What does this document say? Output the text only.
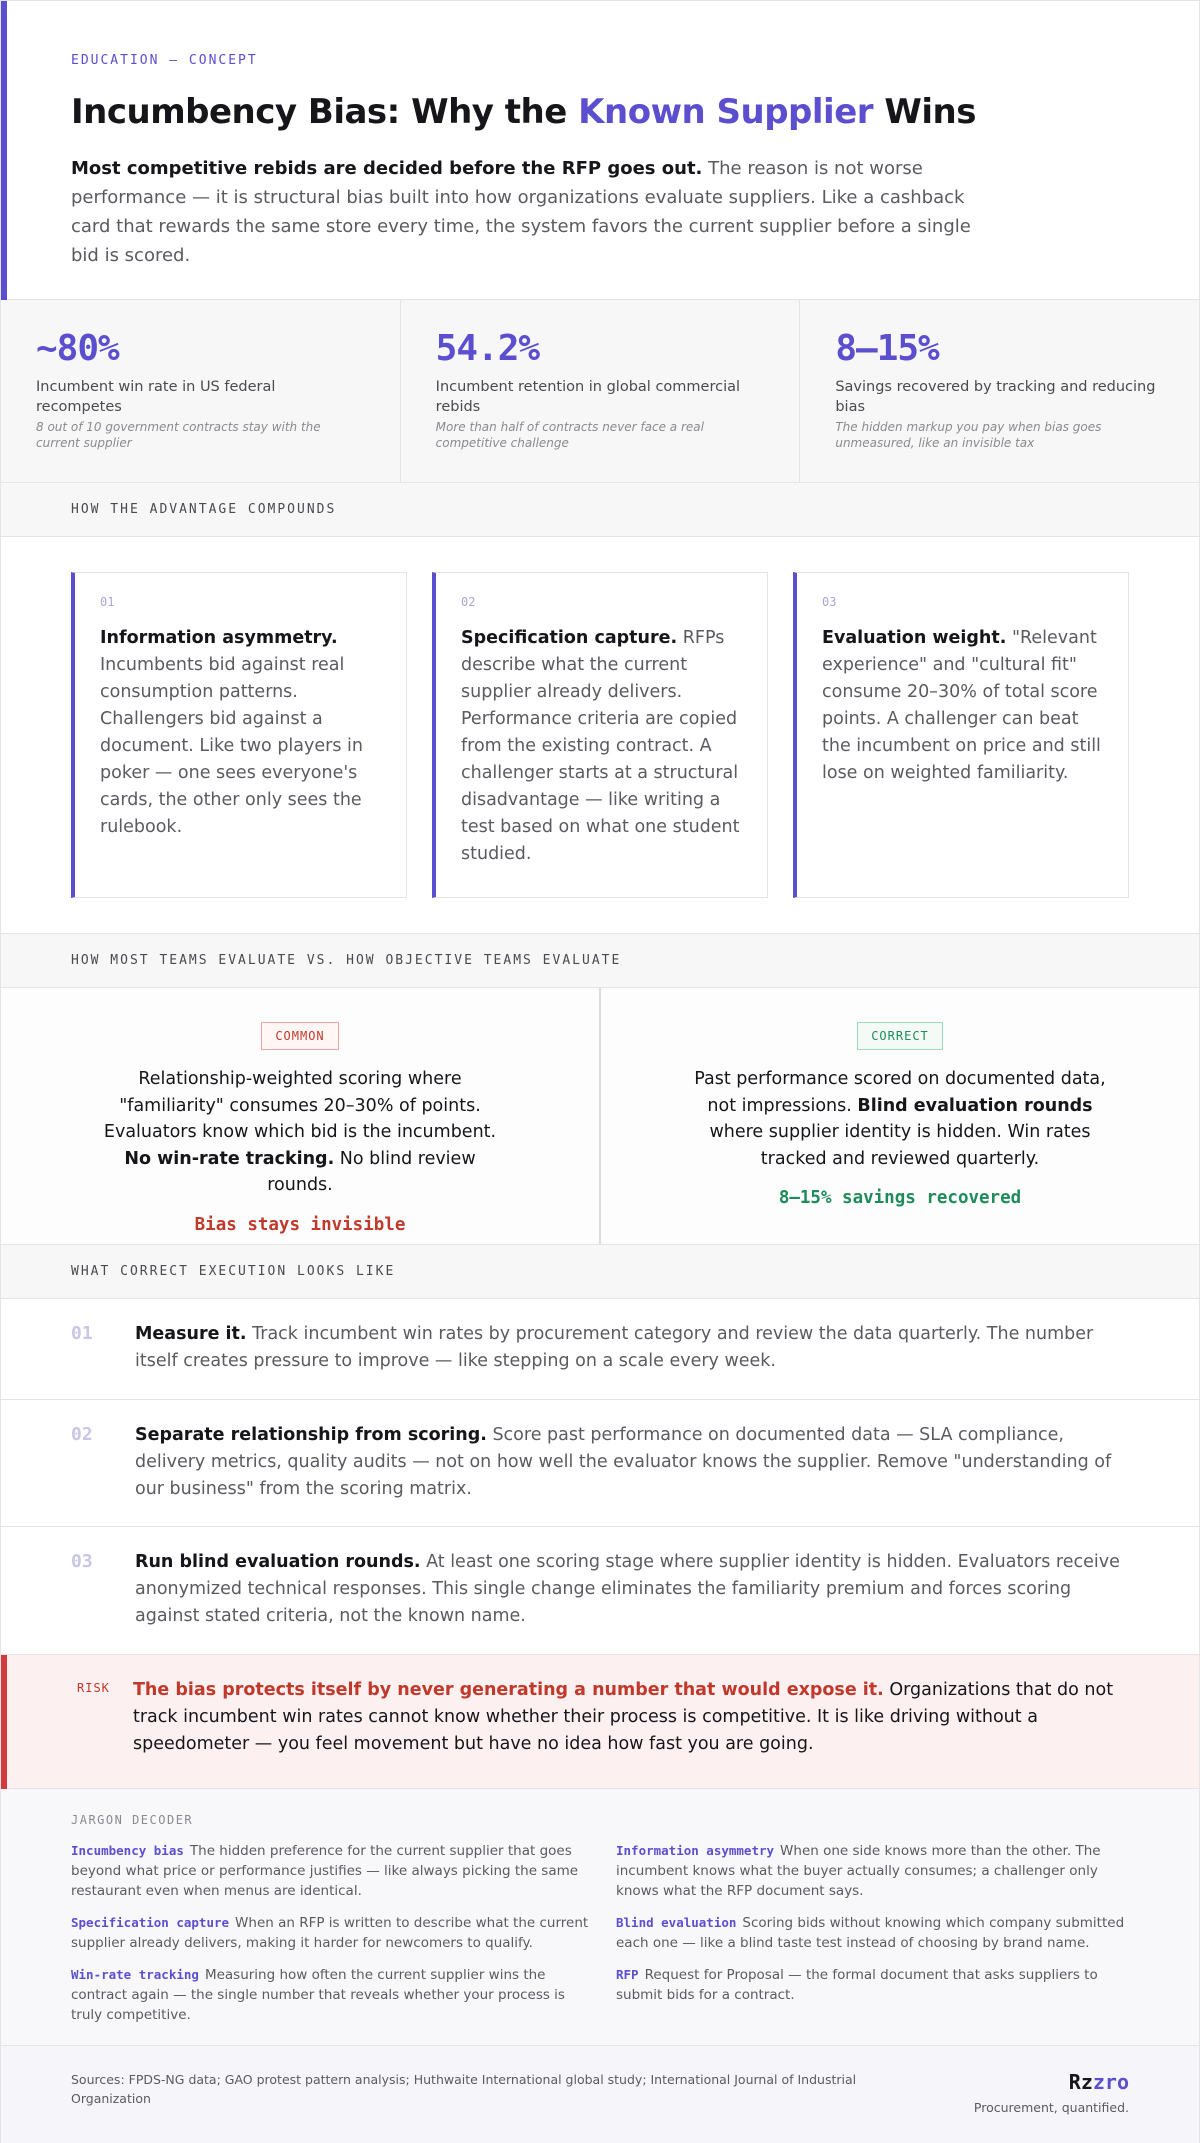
EDUCATION — CONCEPT
Incumbency Bias: Why the Known Supplier Wins

Most competitive rebids are decided before the RFP goes out. The reason is not worse performance — it is structural bias built into how organizations evaluate suppliers. Like a cashback card that rewards the same store every time, the system favors the current supplier before a single bid is scored.

~80%
Incumbent win rate in US federal recompetes
8 out of 10 government contracts stay with the current supplier
54.2%
Incumbent retention in global commercial rebids
More than half of contracts never face a real competitive challenge
8–15%
Savings recovered by tracking and reducing bias
The hidden markup you pay when bias goes unmeasured, like an invisible tax
HOW THE ADVANTAGE COMPOUNDS
01

Information asymmetry. Incumbents bid against real consumption patterns. Challengers bid against a document. Like two players in poker — one sees everyone's cards, the other only sees the rulebook.

02

Specification capture. RFPs describe what the current supplier already delivers. Performance criteria are copied from the existing contract. A challenger starts at a structural disadvantage — like writing a test based on what one student studied.

03

Evaluation weight. "Relevant experience" and "cultural fit" consume 20–30% of total score points. A challenger can beat the incumbent on price and still lose on weighted familiarity.

HOW MOST TEAMS EVALUATE VS. HOW OBJECTIVE TEAMS EVALUATE
COMMON

Relationship-weighted scoring where "familiarity" consumes 20–30% of points. Evaluators know which bid is the incumbent. No win-rate tracking. No blind review rounds.

Bias stays invisible
CORRECT

Past performance scored on documented data, not impressions. Blind evaluation rounds where supplier identity is hidden. Win rates tracked and reviewed quarterly.

8–15% savings recovered
WHAT CORRECT EXECUTION LOOKS LIKE
01	Measure it. Track incumbent win rates by procurement category and review the data quarterly. The number itself creates pressure to improve — like stepping on a scale every week.

02	Separate relationship from scoring. Score past performance on documented data — SLA compliance, delivery metrics, quality audits — not on how well the evaluator knows the supplier. Remove "understanding of our business" from the scoring matrix.

03	Run blind evaluation rounds. At least one scoring stage where supplier identity is hidden. Evaluators receive anonymized technical responses. This single change eliminates the familiarity premium and forces scoring against stated criteria, not the known name.

RISK	The bias protects itself by never generating a number that would expose it. Organizations that do not track incumbent win rates cannot know whether their process is competitive. It is like driving without a speedometer — you feel movement but have no idea how fast you are going.

JARGON DECODER

Incumbency bias The hidden preference for the current supplier that goes beyond what price or performance justifies — like always picking the same restaurant even when menus are identical.

Specification capture When an RFP is written to describe what the current supplier already delivers, making it harder for newcomers to qualify.

Win-rate tracking Measuring how often the current supplier wins the contract again — the single number that reveals whether your process is truly competitive.

Information asymmetry When one side knows more than the other. The incumbent knows what the buyer actually consumes; a challenger only knows what the RFP document says.

Blind evaluation Scoring bids without knowing which company submitted each one — like a blind taste test instead of choosing by brand name.

RFP Request for Proposal — the formal document that asks suppliers to submit bids for a contract.

Sources: FPDS-NG data; GAO protest pattern analysis; Huthwaite International global study; International Journal of Industrial Organization

Rzzro
Procurement, quantified.
